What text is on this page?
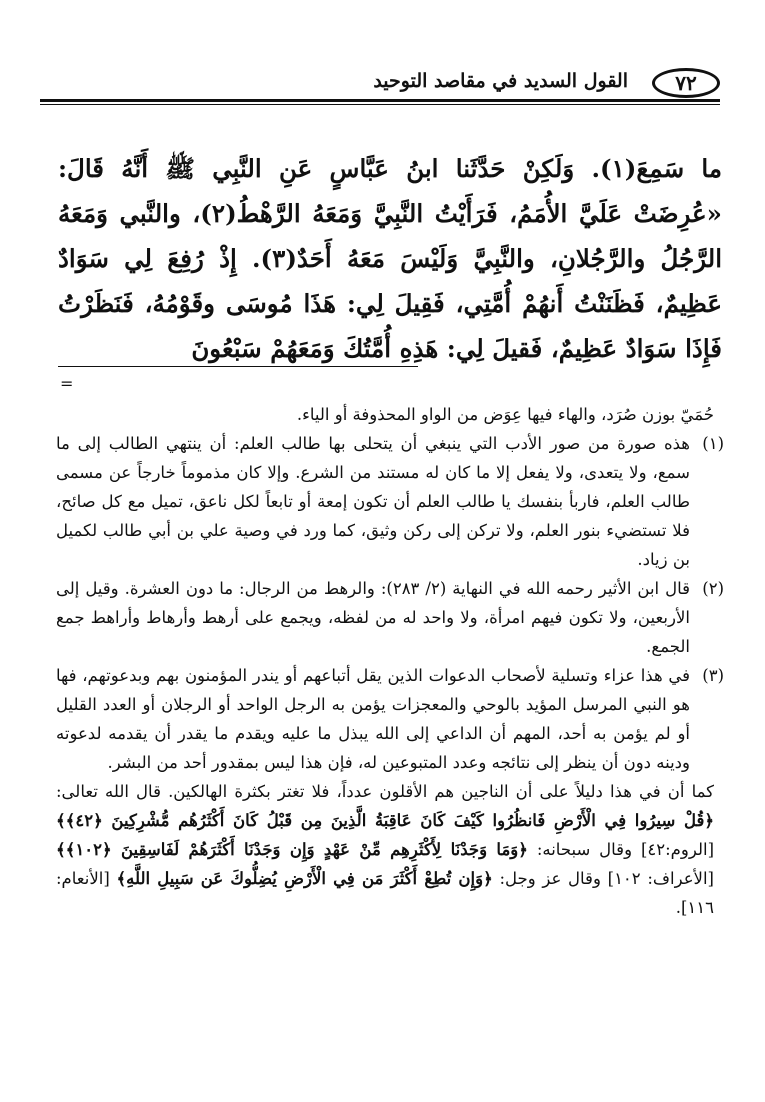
٧٢
القول السديد في مقاصد التوحيد

ما سَمِعَ(١). وَلَكِنْ حَدَّثَنا ابنُ عَبَّاسٍ عَنِ النَّبِي ﷺ أَنَّهُ قَالَ: «عُرِضَتْ عَلَيَّ الأُمَمُ، فَرَأَيْتُ النَّبِيَّ وَمَعَهُ الرَّهْطُ(٢)، والنَّبي وَمَعَهُ الرَّجُلُ والرَّجُلانِ، والنَّبِيَّ وَلَيْسَ مَعَهُ أَحَدٌ(٣). إِذْ رُفِعَ لِي سَوَادٌ عَظِيمٌ، فَظَنَنْتُ أَنهُمْ أُمَّتِي، فَقِيلَ لِي: هَذَا مُوسَى وقَوْمُهُ، فَنَظَرْتُ فَإِذَا سَوَادٌ عَظِيمٌ، فَقيلَ لِي: هَذِهِ أُمَّتُكَ وَمَعَهُمْ سَبْعُونَ

=

حُمَيّ بوزن صُرَد، والهاء فيها عِوَض من الواو المحذوفة أو الياء.

(١)هذه صورة من صور الأدب التي ينبغي أن يتحلى بها طالب العلم: أن ينتهي الطالب إلى ما سمع، ولا يتعدى، ولا يفعل إلا ما كان له مستند من الشرع. وإلا كان مذموماً خارجاً عن مسمى طالب العلم، فاربأ بنفسك يا طالب العلم أن تكون إمعة أو تابعاً لكل ناعق، تميل مع كل صائح، فلا تستضيء بنور العلم، ولا تركن إلى ركن وثيق، كما ورد في وصية علي بن أبي طالب لكميل بن زياد.

(٢)قال ابن الأثير رحمه الله في النهاية (٢/ ٢٨٣): والرهط من الرجال: ما دون العشرة. وقيل إلى الأربعين، ولا تكون فيهم امرأة، ولا واحد له من لفظه، ويجمع على أرهط وأرهاط وأراهط جمع الجمع.

(٣)في هذا عزاء وتسلية لأصحاب الدعوات الذين يقل أتباعهم أو يندر المؤمنون بهم وبدعوتهم، فها هو النبي المرسل المؤيد بالوحي والمعجزات يؤمن به الرجل الواحد أو الرجلان أو العدد القليل أو لم يؤمن به أحد، المهم أن الداعي إلى الله يبذل ما عليه ويقدم ما يقدر أن يقدمه لدعوته ودينه دون أن ينظر إلى نتائجه وعدد المتبوعين له، فإن هذا ليس بمقدور أحد من البشر.

كما أن في هذا دليلاً على أن الناجين هم الأقلون عدداً، فلا تغتر بكثرة الهالكين. قال الله تعالى: ﴿قُلْ سِيرُوا فِي الْأَرْضِ فَانظُرُوا كَيْفَ كَانَ عَاقِبَةُ الَّذِينَ مِن قَبْلُ كَانَ أَكْثَرُهُم مُّشْرِكِينَ ﴿٤٢﴾﴾ [الروم:٤٢] وقال سبحانه: ﴿وَمَا وَجَدْنَا لِأَكْثَرِهِم مِّنْ عَهْدٍ وَإِن وَجَدْنَا أَكْثَرَهُمْ لَفَاسِقِينَ ﴿١٠٢﴾﴾ [الأعراف: ١٠٢] وقال عز وجل: ﴿وَإِن تُطِعْ أَكْثَرَ مَن فِي الْأَرْضِ يُضِلُّوكَ عَن سَبِيلِ اللَّهِ﴾ [الأنعام: ١١٦].
